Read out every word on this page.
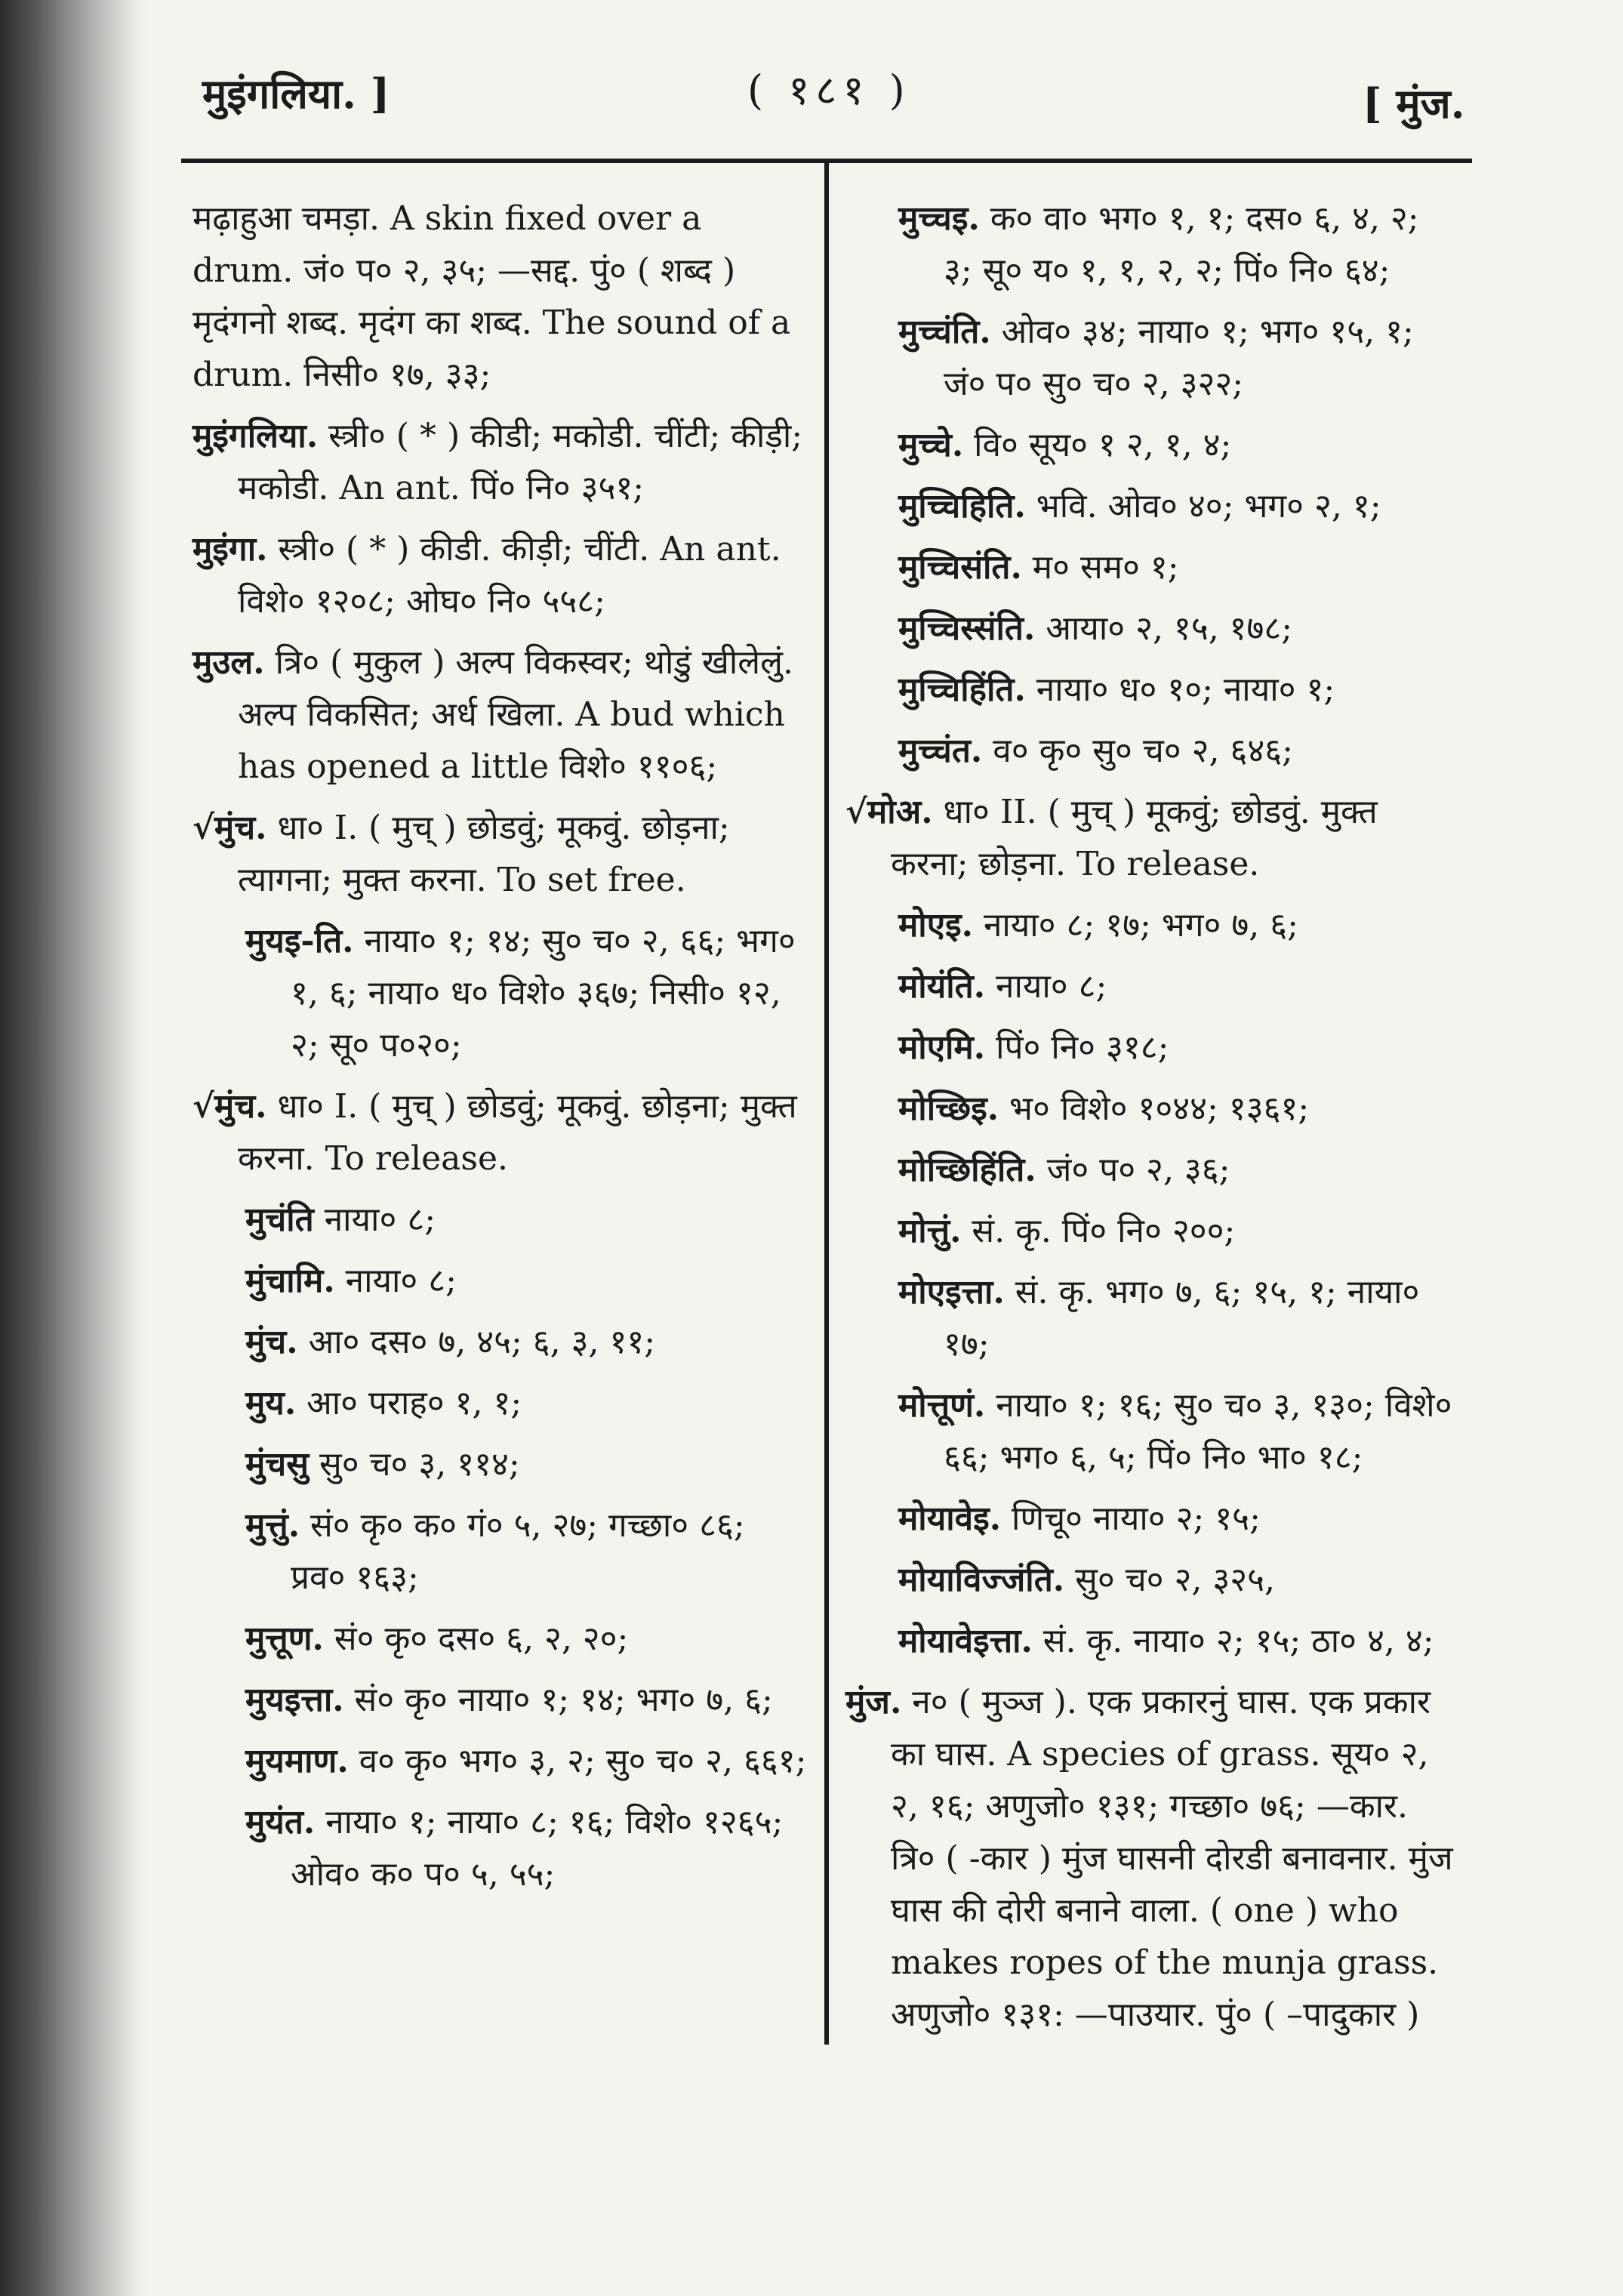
मुइंगलिया. ]	( १८१ )	[ मुंज.

मढ़ाहुआ चमड़ा. A skin fixed over a drum. जं० प० २, ३५; —सद्द. पुं० ( शब्द ) मृदंगनो शब्द. मृदंग का शब्द. The sound of a drum. निसी० १७, ३३;

मुइंगलिया. स्त्री० ( * ) कीडी; मकोडी. चींटी; कीड़ी; मकोडी. An ant. पिं० नि० ३५१;

मुइंगा. स्त्री० ( * ) कीडी. कीड़ी; चींटी. An ant. विशे० १२०८; ओघ० नि० ५५८;

मुउल. त्रि० ( मुकुल ) अल्प विकस्वर; थोडुं खीलेलुं. अल्प विकसित; अर्ध खिला. A bud which has opened a little विशे० ११०६;

√मुंच. धा० I. ( मुच् ) छोडवुं; मूकवुं. छोड़ना; त्यागना; मुक्त करना. To set free.

मुयइ-ति. नाया० १; १४; सु० च० २, ६६; भग० १, ६; नाया० ध० विशे० ३६७; निसी० १२, २; सू० प०२०;

√मुंच. धा० I. ( मुच् ) छोडवुं; मूकवुं. छोड़ना; मुक्त करना. To release.

मुचंति नाया० ८;

मुंचामि. नाया० ८;

मुंच. आ० दस० ७, ४५; ६, ३, ११;

मुय. आ० पराह० १, १;

मुंचसु सु० च० ३, ११४;

मुत्तुं. सं० कृ० क० गं० ५, २७; गच्छा० ८६; प्रव० १६३;

मुत्तूण. सं० कृ० दस० ६, २, २०;

मुयइत्ता. सं० कृ० नाया० १; १४; भग० ७, ६;

मुयमाण. व० कृ० भग० ३, २; सु० च० २, ६६१;

मुयंत. नाया० १; नाया० ८; १६; विशे० १२६५; ओव० क० प० ५, ५५;

मुच्चइ. क० वा० भग० १, १; दस० ६, ४, २; ३; सू० य० १, १, २, २; पिं० नि० ६४;

मुच्चंति. ओव० ३४; नाया० १; भग० १५, १; जं० प० सु० च० २, ३२२;

मुच्चे. वि० सूय० १ २, १, ४;

मुच्चिहिति. भवि. ओव० ४०; भग० २, १;

मुच्चिसंति. म० सम० १;

मुच्चिस्संति. आया० २, १५, १७८;

मुच्चिहिंति. नाया० ध० १०; नाया० १;

मुच्चंत. व० कृ० सु० च० २, ६४६;

√मोअ. धा० II. ( मुच् ) मूकवुं; छोडवुं. मुक्त करना; छोड़ना. To release.

मोएइ. नाया० ८; १७; भग० ७, ६;

मोयंति. नाया० ८;

मोएमि. पिं० नि० ३१८;

मोच्छिइ. भ० विशे० १०४४; १३६१;

मोच्छिहिंति. जं० प० २, ३६;

मोत्तुं. सं. कृ. पिं० नि० २००;

मोएइत्ता. सं. कृ. भग० ७, ६; १५, १; नाया० १७;

मोत्तूणं. नाया० १; १६; सु० च० ३, १३०; विशे० ६६; भग० ६, ५; पिं० नि० भा० १८;

मोयावेइ. णिचू० नाया० २; १५;

मोयाविज्जंति. सु० च० २, ३२५,

मोयावेइत्ता. सं. कृ. नाया० २; १५; ठा० ४, ४;

मुंज. न० ( मुञ्ज ). एक प्रकारनुं घास. एक प्रकार का घास. A species of grass. सूय० २, २, १६; अणुजो० १३१; गच्छा० ७६; —कार. त्रि० ( -कार ) मुंज घासनी दोरडी बनावनार. मुंज घास की दोरी बनाने वाला. ( one ) who makes ropes of the munja grass. अणुजो० १३१: —पाउयार. पुं० ( –पादुकार )
